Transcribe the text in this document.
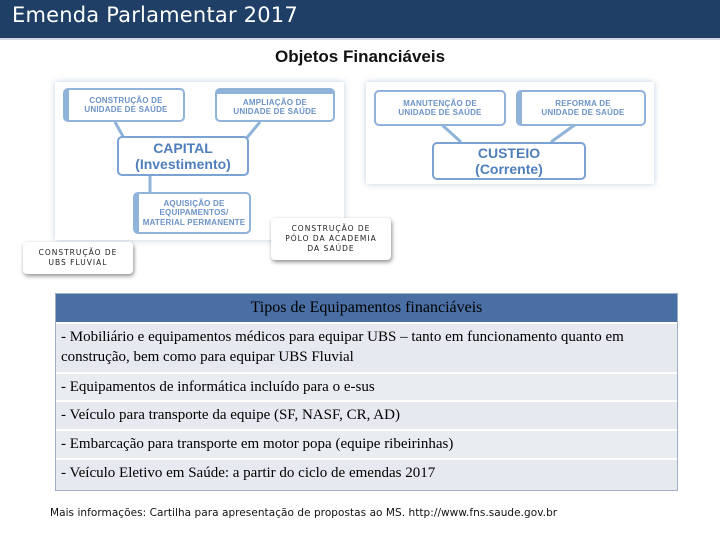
Emenda Parlamentar 2017
Objetos Financiáveis
CONSTRUÇÃO DE
UNIDADE DE SAÚDE
AMPLIAÇÃO DE
UNIDADE DE SAÚDE
CAPITAL
(Investimento)
AQUISIÇÃO DE
EQUIPAMENTOS/
MATERIAL PERMANENTE
MANUTENÇÃO DE
UNIDADE DE SAÚDE
REFORMA DE
UNIDADE DE SAÚDE
CUSTEIO
(Corrente)
CONSTRUÇÃO DE
UBS FLUVIAL
CONSTRUÇÃO DE
PÓLO DA ACADEMIA
DA SAÚDE
Tipos de Equipamentos financiáveis
- Mobiliário e equipamentos médicos para equipar UBS – tanto em funcionamento quanto em construção, bem como para equipar UBS Fluvial
- Equipamentos de informática incluído para o e-sus
- Veículo para transporte da equipe (SF, NASF, CR, AD)
- Embarcação para transporte em motor popa (equipe ribeirinhas)
- Veículo Eletivo em Saúde: a partir do ciclo de emendas 2017
Mais informações: Cartilha para apresentação de propostas ao MS. http://www.fns.saude.gov.br
